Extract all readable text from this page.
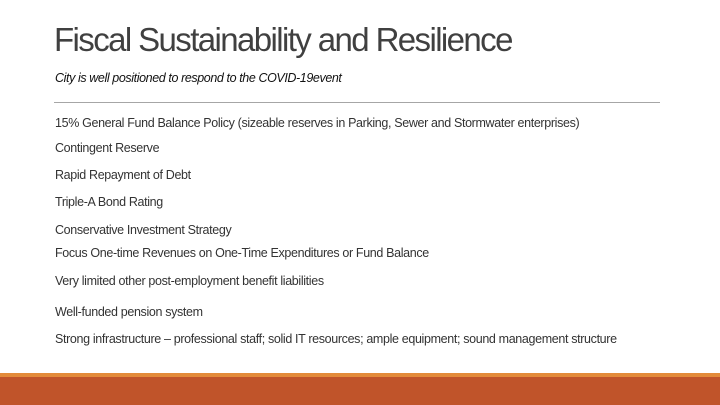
Fiscal Sustainability and Resilience
City is well positioned to respond to the COVID-19event
15% General Fund Balance Policy (sizeable reserves in Parking, Sewer and Stormwater enterprises)
Contingent Reserve
Rapid Repayment of Debt
Triple-A Bond Rating
Conservative Investment Strategy
Focus One-time Revenues on One-Time Expenditures or Fund Balance
Very limited other post-employment benefit liabilities
Well-funded pension system
Strong infrastructure – professional staff; solid IT resources; ample equipment; sound management structure
